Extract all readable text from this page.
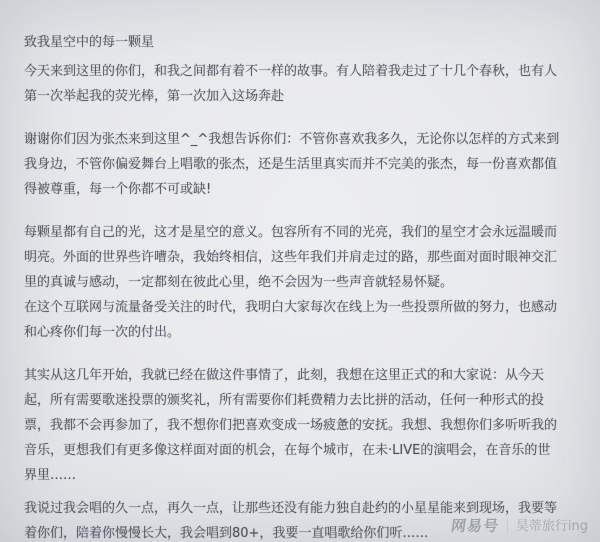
致我星空中的每一颗星
今天来到这里的你们，和我之间都有着不一样的故事。有人陪着我走过了十几个春秋，也有人
第一次举起我的荧光棒，第一次加入这场奔赴
谢谢你们因为张杰来到这里^_^我想告诉你们：不管你喜欢我多久，无论你以怎样的方式来到
我身边，不管你偏爱舞台上唱歌的张杰，还是生活里真实而并不完美的张杰，每一份喜欢都值
得被尊重，每一个你都不可或缺!
每颗星都有自己的光，这才是星空的意义。包容所有不同的光亮，我们的星空才会永远温暖而
明亮。外面的世界些许嘈杂，我始终相信，这些年我们并肩走过的路，那些面对面时眼神交汇
里的真诚与感动，一定都刻在彼此心里，绝不会因为一些声音就轻易怀疑。
在这个互联网与流量备受关注的时代，我明白大家每次在线上为一些投票所做的努力，也感动
和心疼你们每一次的付出。
其实从这几年开始，我就已经在做这件事情了，此刻，我想在这里正式的和大家说：从今天
起，所有需要歌迷投票的颁奖礼，所有需要你们耗费精力去比拼的活动，任何一种形式的投
票，我都不会再参加了，我不想你们把喜欢变成一场疲惫的安抚。我想、我想你们多听听我的
音乐，更想我们有更多像这样面对面的机会，在每个城市，在未·LIVE的演唱会，在音乐的世
界里……
我说过我会唱的久一点，再久一点，让那些还没有能力独自赴约的小星星能来到现场，我要等
着你们，陪着你慢慢长大，我会唱到80+，我要一直唱歌给你们听……	网易号 | 昊蒂旅行ing
